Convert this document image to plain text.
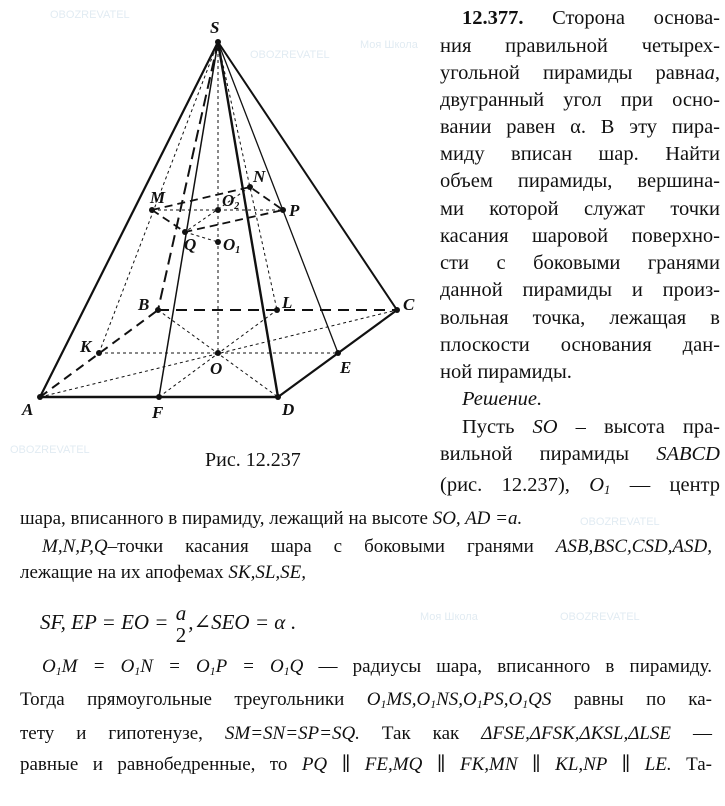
OBOZREVATEL
OBOZREVATEL
OBOZREVATEL
Моя Школа
Моя Школа	OBOZREVATEL
OBOZREVATEL
S
A
B	C
D
K
L
E
F
O
M
N
P
Q
O2
O1
Рис. 12.237
12.377. Сторона основа-
ния правильной четырех-
угольной пирамиды равнаa,
двугранный угол при осно-
вании равен α. В эту пира-
миду вписан шар. Найти
объем пирамиды, вершина-
ми которой служат точки
касания шаровой поверхно-
сти с боковыми гранями
данной пирамиды и произ-
вольная точка, лежащая в
плоскости основания дан-
ной пирамиды.
Решение.
Пусть SO – высота пра-
вильной пирамиды SABCD
(рис. 12.237), $O_1$ — центр
шара, вписанного в пирамиду, лежащий на высоте SO, AD =a.
M,N,P,Q–точки касания шара с боковыми гранями ASB,BSC,CSD,ASD,
лежащие на их апофемах SK,SL,SE,
SF, EP = EO = a
2
,∠SEO = α .
$O_1M = O_1N = O_1P = O_1Q$ — радиусы шара, вписанного в пирамиду.
Тогда прямоугольные треугольники $O_1MS,O_1NS,O_1PS,O_1QS$ равны по ка-
тету и гипотенузе, SM=SN=SP=SQ. Так как ΔFSE,ΔFSK,ΔKSL,ΔLSE —
равные и равнобедренные, то PQ ∥ FE,MQ ∥ FK,MN ∥ KL,NP ∥ LE. Та-
